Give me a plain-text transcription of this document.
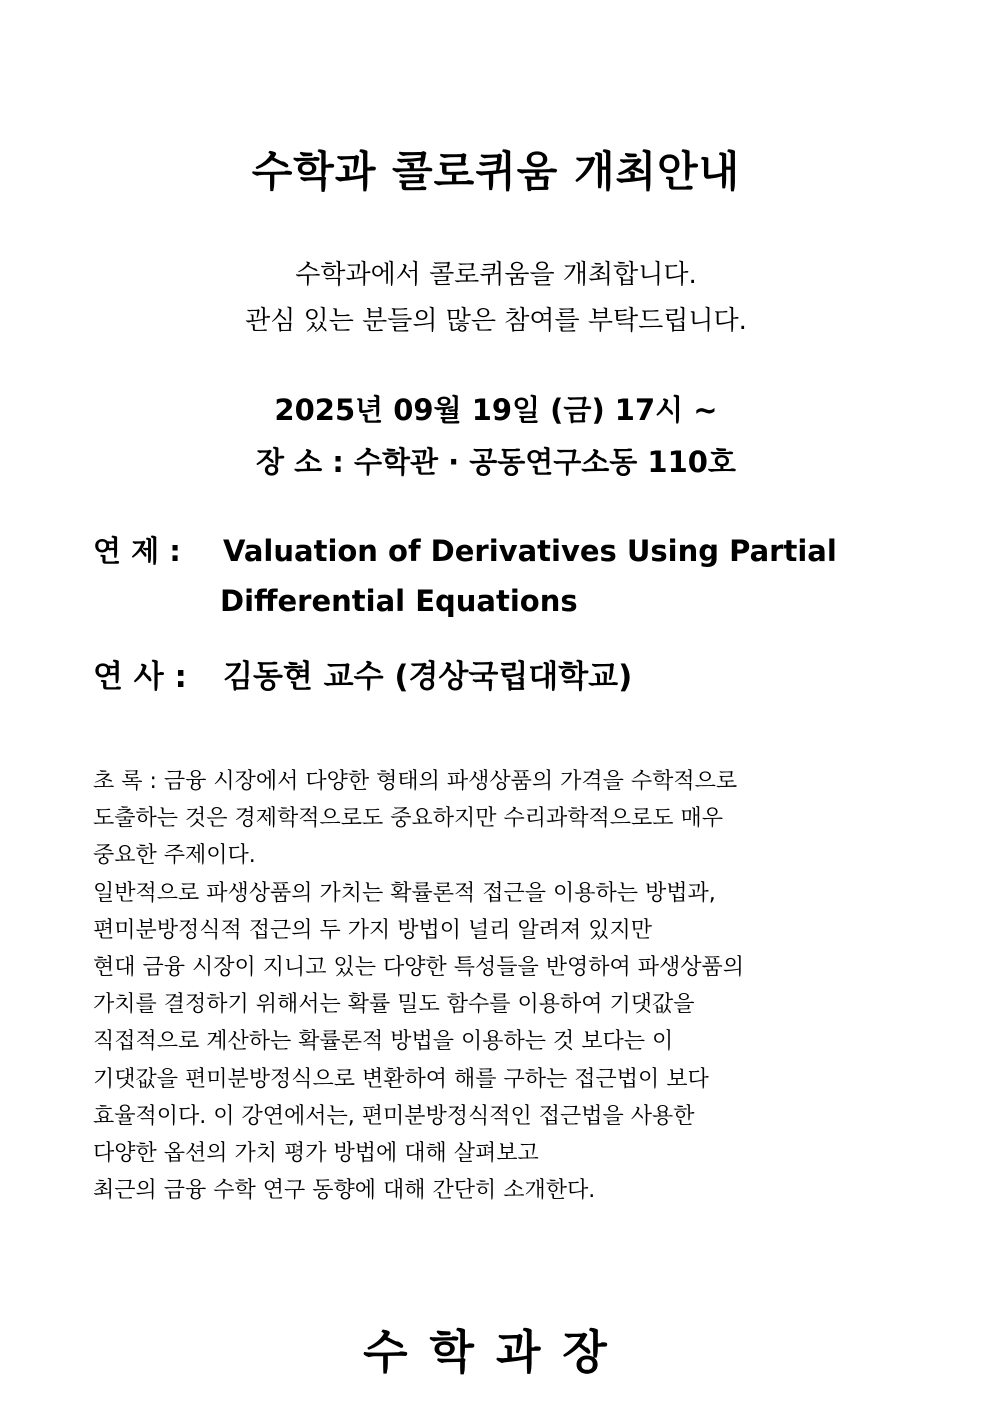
수학과 콜로퀴움 개최안내
수학과에서 콜로퀴움을 개최합니다.
관심 있는 분들의 많은 참여를 부탁드립니다.
2025년 09월 19일 (금) 17시 ~
장 소 : 수학관 · 공동연구소동 110호
연 제 : Valuation of Derivatives Using Partial
Differential Equations
연 사 : 김동현 교수 (경상국립대학교)
초 록 : 금융 시장에서 다양한 형태의 파생상품의 가격을 수학적으로
도출하는 것은 경제학적으로도 중요하지만 수리과학적으로도 매우
중요한 주제이다.
일반적으로 파생상품의 가치는 확률론적 접근을 이용하는 방법과,
편미분방정식적 접근의 두 가지 방법이 널리 알려져 있지만
현대 금융 시장이 지니고 있는 다양한 특성들을 반영하여 파생상품의
가치를 결정하기 위해서는 확률 밀도 함수를 이용하여 기댓값을
직접적으로 계산하는 확률론적 방법을 이용하는 것 보다는 이
기댓값을 편미분방정식으로 변환하여 해를 구하는 접근법이 보다
효율적이다. 이 강연에서는, 편미분방정식적인 접근법을 사용한
다양한 옵션의 가치 평가 방법에 대해 살펴보고
최근의 금융 수학 연구 동향에 대해 간단히 소개한다.
수학과장
